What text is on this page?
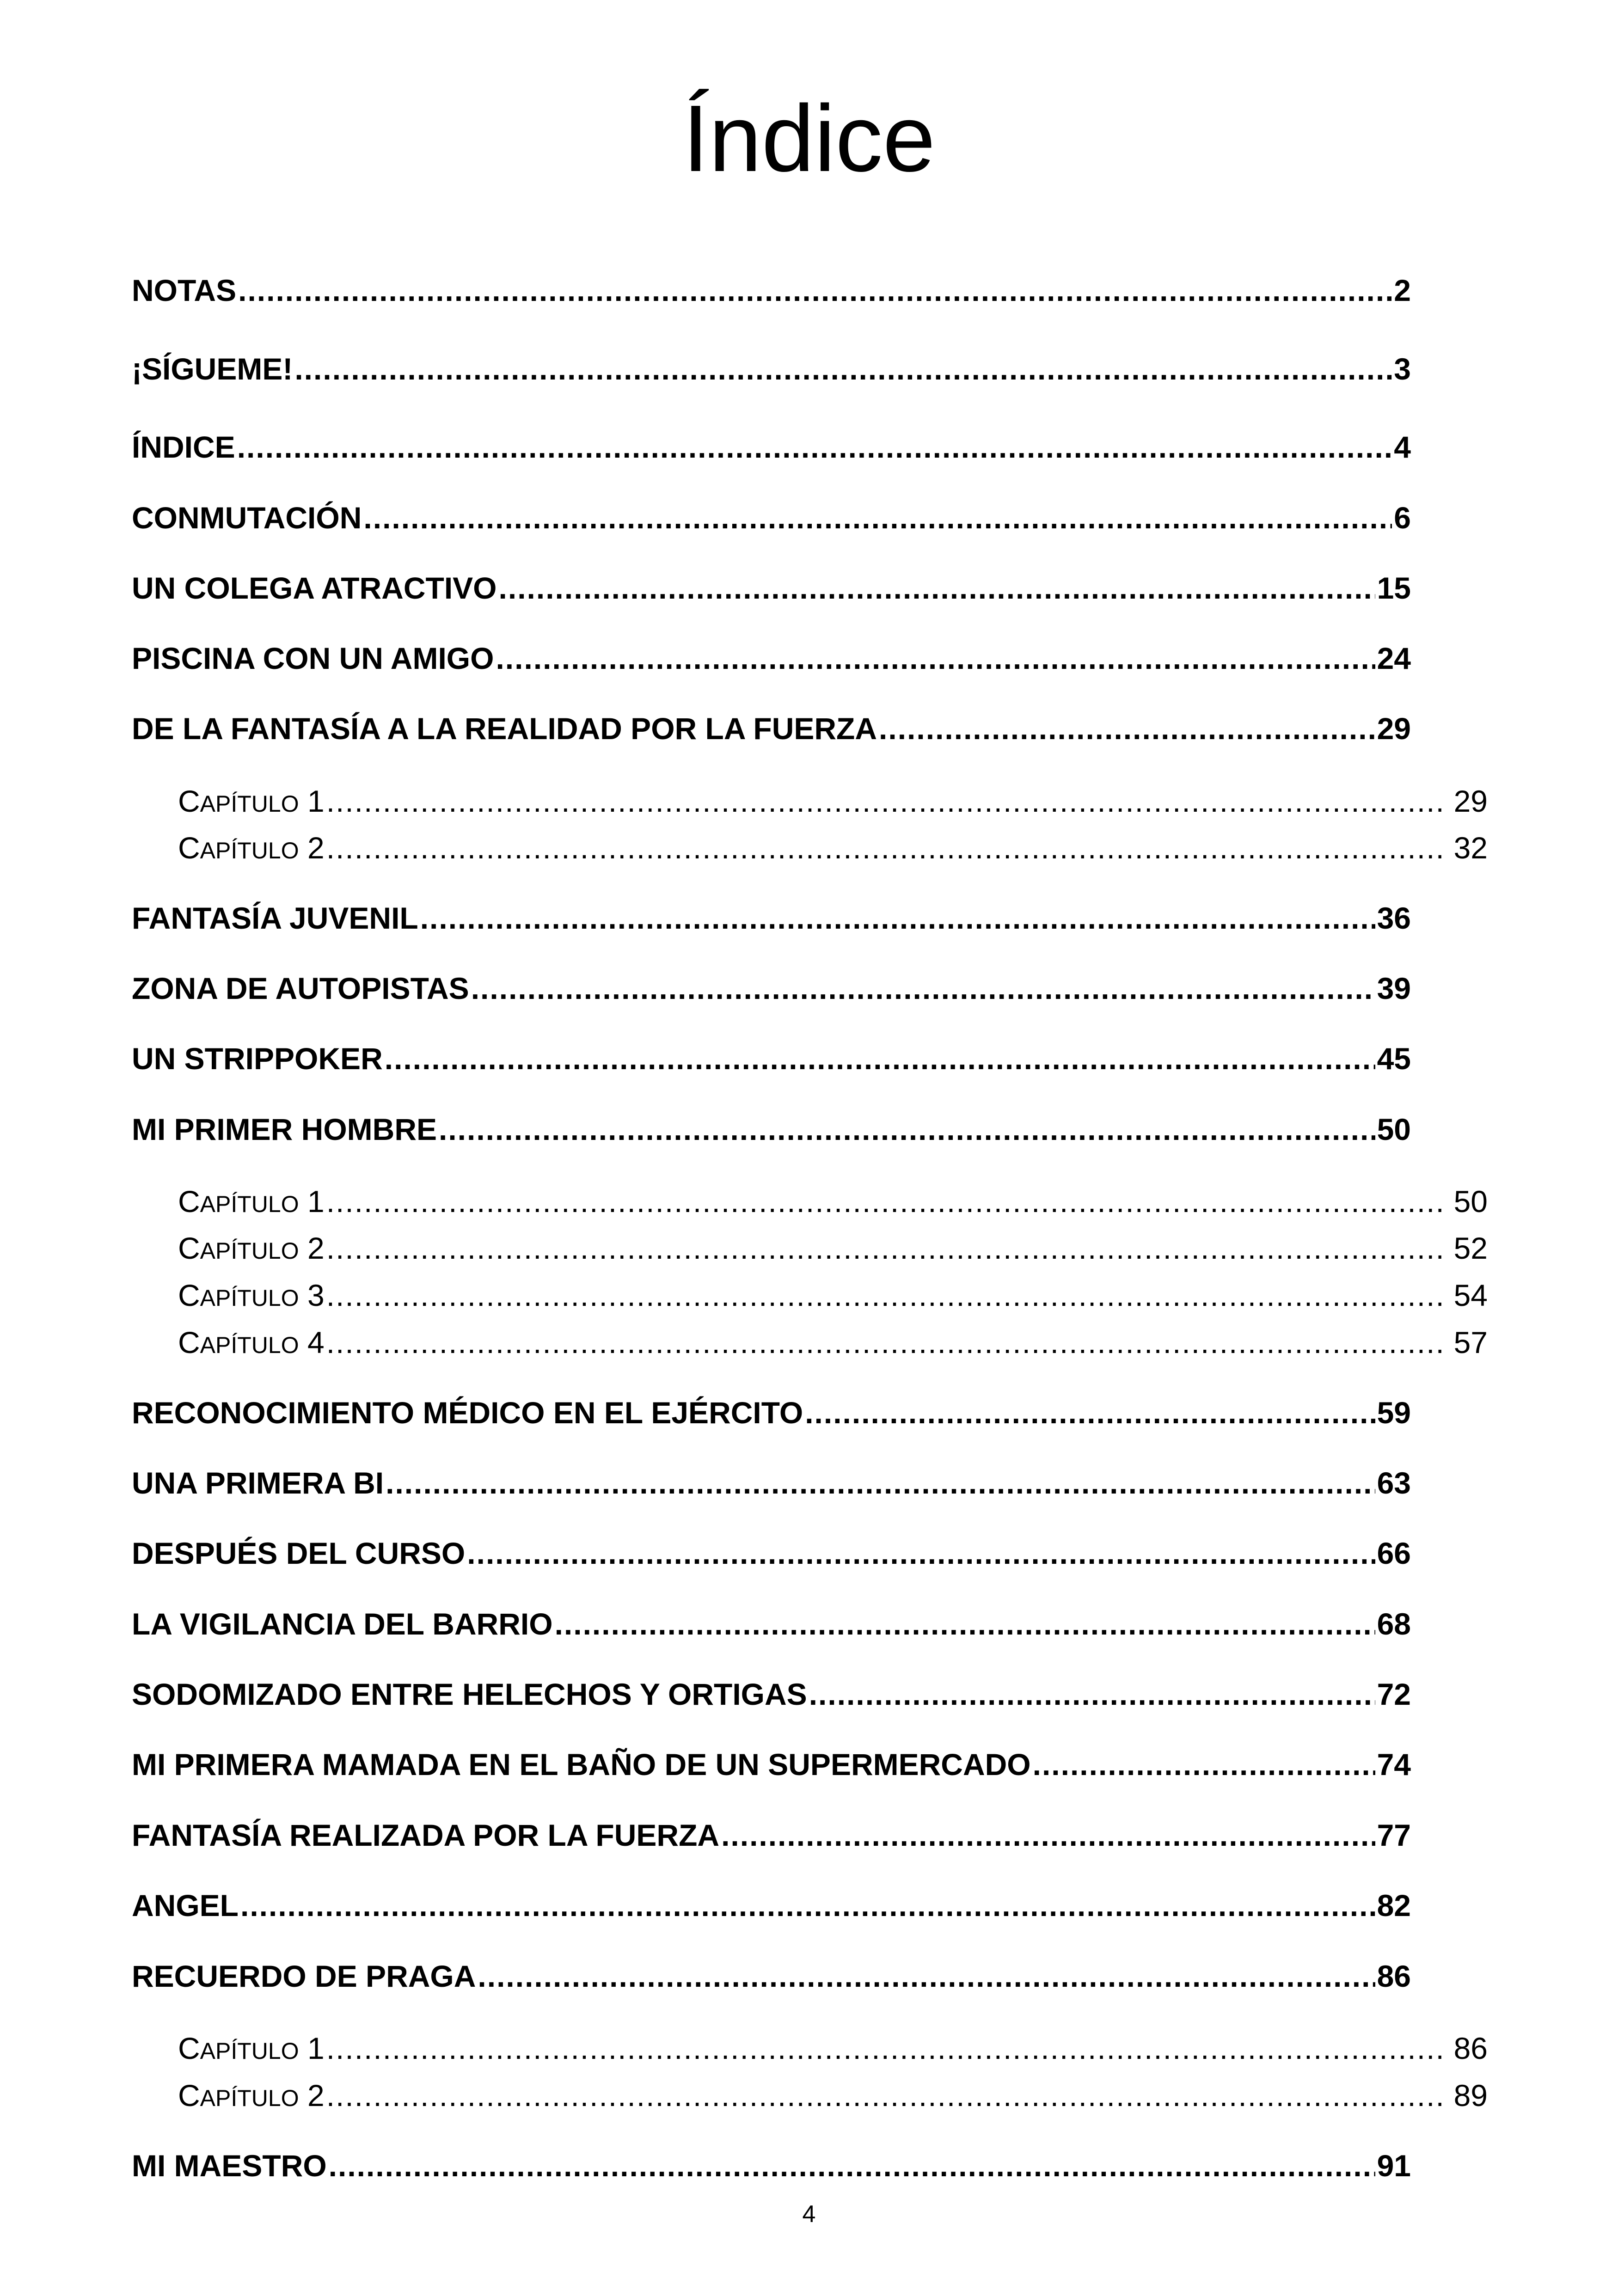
Índice
NOTAS .....	2
¡SÍGUEME! .....	3
ÍNDICE .....	4
CONMUTACIÓN .....	6
UN COLEGA ATRACTIVO .....	15
PISCINA CON UN AMIGO .....	24
DE LA FANTASÍA A LA REALIDAD POR LA FUERZA .....	29
CAPÍTULO 1 .....	29
CAPÍTULO 2 .....	32
FANTASÍA JUVENIL .....	36
ZONA DE AUTOPISTAS .....	39
UN STRIPPOKER .....	45
MI PRIMER HOMBRE .....	50
CAPÍTULO 1 .....	50
CAPÍTULO 2 .....	52
CAPÍTULO 3 .....	54
CAPÍTULO 4 .....	57
RECONOCIMIENTO MÉDICO EN EL EJÉRCITO .....	59
UNA PRIMERA BI .....	63
DESPUÉS DEL CURSO .....	66
LA VIGILANCIA DEL BARRIO .....	68
SODOMIZADO ENTRE HELECHOS Y ORTIGAS .....	72
MI PRIMERA MAMADA EN EL BAÑO DE UN SUPERMERCADO .....	74
FANTASÍA REALIZADA POR LA FUERZA .....	77
ANGEL .....	82
RECUERDO DE PRAGA .....	86
CAPÍTULO 1 .....	86
CAPÍTULO 2 .....	89
MI MAESTRO .....	91
4
